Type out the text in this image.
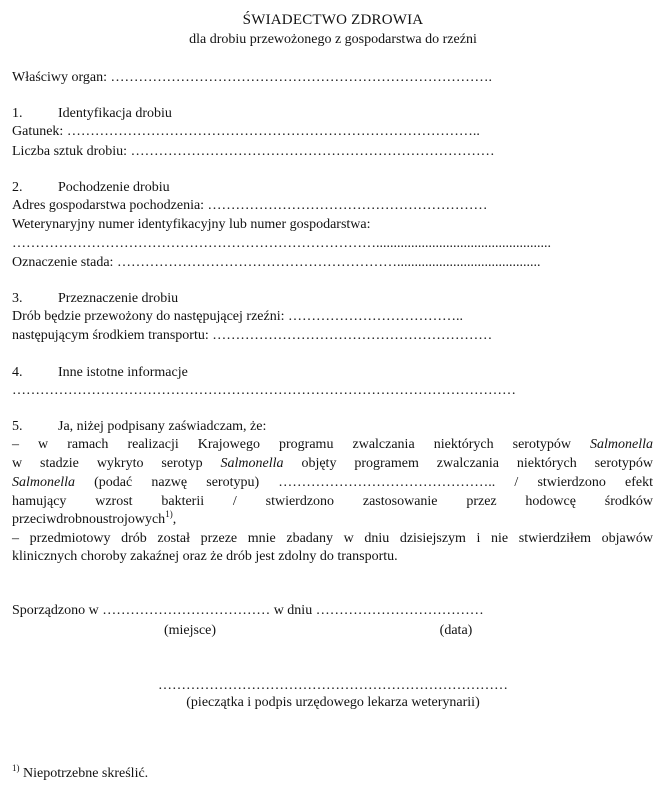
ŚWIADECTWO ZDROWIA
dla drobiu przewożonego z gospodarstwa do rzeźni
Właściwy organ: ……………………………………………………………………….
1.	Identyfikacja drobiu
Gatunek: ……………………………………………………………………………..
Liczba sztuk drobiu: ……………………………………………………………………
2.	Pochodzenie drobiu
Adres gospodarstwa pochodzenia: ……………………………………………………
Weterynaryjny numer identyfikacyjny lub numer gospodarstwa:
……………………………………………………………………..................................................
Oznaczenie stada: …………………………………………………….........................................
3.	Przeznaczenie drobiu
Drób będzie przewożony do następującej rzeźni: ………………………………..
następującym środkiem transportu: ……………………………………………………
4.	Inne istotne informacje
………………………………………………………………………………………………
5.	Ja, niżej podpisany zaświadczam, że:
– w ramach realizacji Krajowego programu zwalczania niektórych serotypów Salmonella
w stadzie wykryto serotyp Salmonella objęty programem zwalczania niektórych serotypów
Salmonella (podać nazwę serotypu) ……………………………………….. / stwierdzono efekt
hamujący wzrost bakterii / stwierdzono zastosowanie przez hodowcę środków
przeciwdrobnoustrojowych$^{1)}$,
– przedmiotowy drób został przeze mnie zbadany w dniu dzisiejszym i nie stwierdziłem objawów
klinicznych choroby zakaźnej oraz że drób jest zdolny do transportu.
Sporządzono w ……………………………… w dniu ………………………………
(miejsce)	(data)
…………………………………………………………………
(pieczątka i podpis urzędowego lekarza weterynarii)
$^{1)}$ Niepotrzebne skreślić.
